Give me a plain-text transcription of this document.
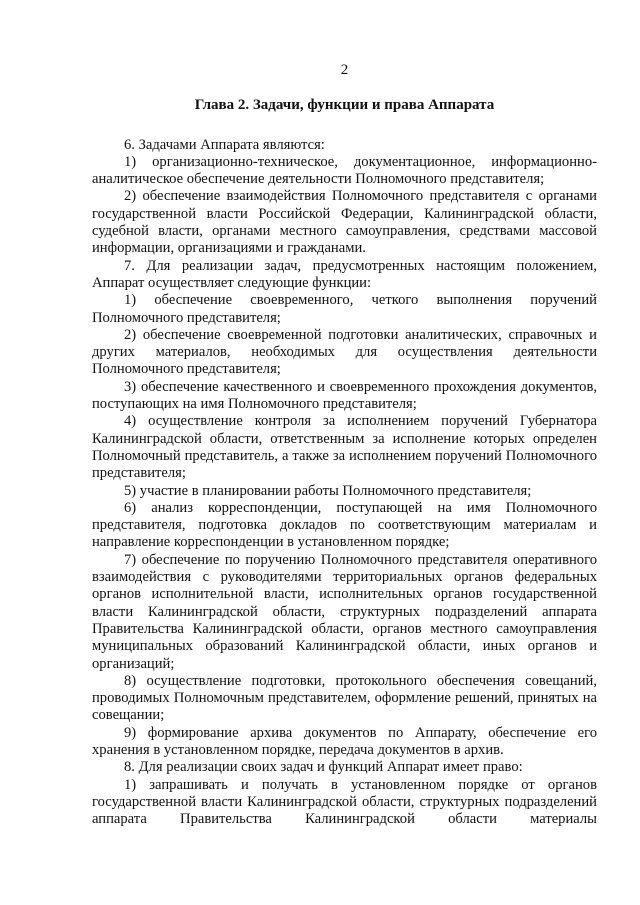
2
Глава 2. Задачи, функции и права Аппарата

6. Задачами Аппарата являются:

1) организационно-техническое, документационное, информационно-аналитическое обеспечение деятельности Полномочного представителя;

2) обеспечение взаимодействия Полномочного представителя с органами государственной власти Российской Федерации, Калининградской области, судебной власти, органами местного самоуправления, средствами массовой информации, организациями и гражданами.

7. Для реализации задач, предусмотренных настоящим положением, Аппарат осуществляет следующие функции:

1) обеспечение своевременного, четкого выполнения поручений Полномочного представителя;

2) обеспечение своевременной подготовки аналитических, справочных и других материалов, необходимых для осуществления деятельности Полномочного представителя;

3) обеспечение качественного и своевременного прохождения документов, поступающих на имя Полномочного представителя;

4) осуществление контроля за исполнением поручений Губернатора Калининградской области, ответственным за исполнение которых определен Полномочный представитель, а также за исполнением поручений Полномочного представителя;

5) участие в планировании работы Полномочного представителя;

6) анализ корреспонденции, поступающей на имя Полномочного представителя, подготовка докладов по соответствующим материалам и направление корреспонденции в установленном порядке;

7) обеспечение по поручению Полномочного представителя оперативного взаимодействия с руководителями территориальных органов федеральных органов исполнительной власти, исполнительных органов государственной власти Калининградской области, структурных подразделений аппарата Правительства Калининградской области, органов местного самоуправления муниципальных образований Калининградской области, иных органов и организаций;

8) осуществление подготовки, протокольного обеспечения совещаний, проводимых Полномочным представителем, оформление решений, принятых на совещании;

9) формирование архива документов по Аппарату, обеспечение его хранения в установленном порядке, передача документов в архив.

8. Для реализации своих задач и функций Аппарат имеет право:

1) запрашивать и получать в установленном порядке от органов государственной власти Калининградской области, структурных подразделений аппарата Правительства Калининградской области материалы
